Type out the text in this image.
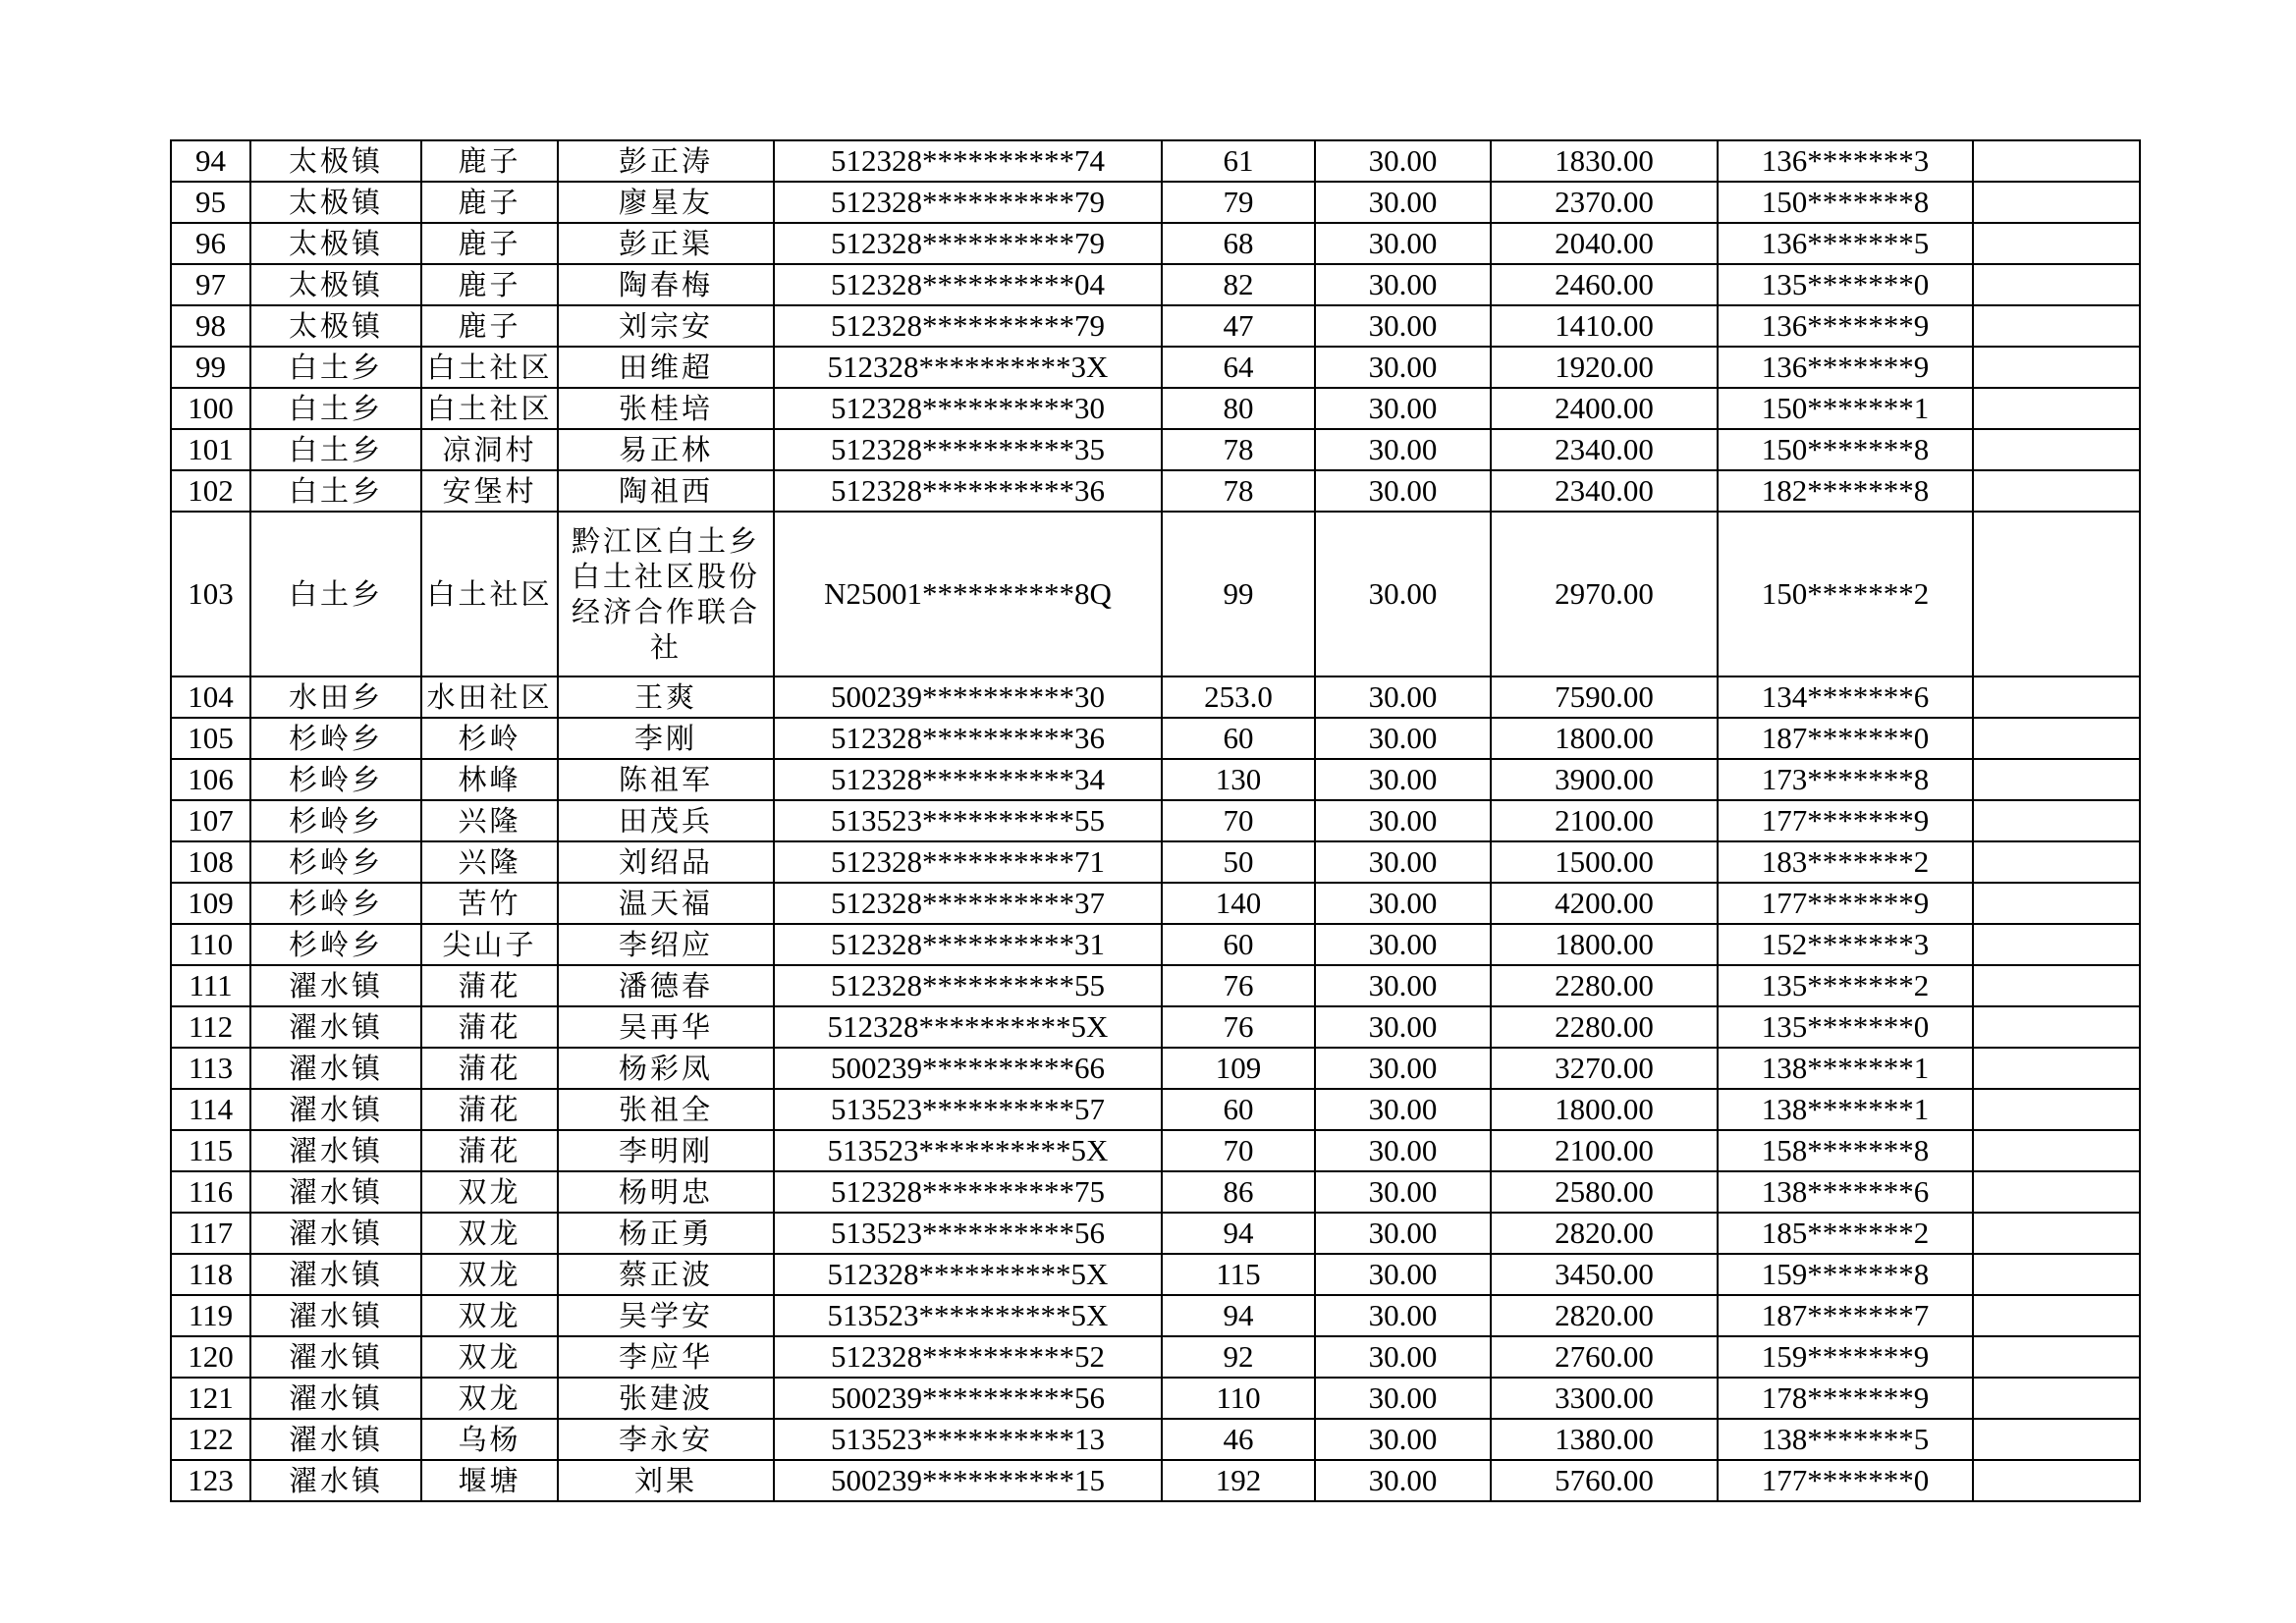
94	太极镇	鹿子	彭正涛	512328**********74	61	30.00	1830.00	136*******3	
95	太极镇	鹿子	廖星友	512328**********79	79	30.00	2370.00	150*******8	
96	太极镇	鹿子	彭正渠	512328**********79	68	30.00	2040.00	136*******5	
97	太极镇	鹿子	陶春梅	512328**********04	82	30.00	2460.00	135*******0	
98	太极镇	鹿子	刘宗安	512328**********79	47	30.00	1410.00	136*******9	
99	白土乡	白土社区	田维超	512328**********3X	64	30.00	1920.00	136*******9	
100	白土乡	白土社区	张桂培	512328**********30	80	30.00	2400.00	150*******1	
101	白土乡	凉洞村	易正林	512328**********35	78	30.00	2340.00	150*******8	
102	白土乡	安堡村	陶祖西	512328**********36	78	30.00	2340.00	182*******8	
103	白土乡	白土社区	黔江区白土乡白土社区股份经济合作联合社	N25001**********8Q	99	30.00	2970.00	150*******2	
104	水田乡	水田社区	王爽	500239**********30	253.0	30.00	7590.00	134*******6	
105	杉岭乡	杉岭	李刚	512328**********36	60	30.00	1800.00	187*******0	
106	杉岭乡	林峰	陈祖军	512328**********34	130	30.00	3900.00	173*******8	
107	杉岭乡	兴隆	田茂兵	513523**********55	70	30.00	2100.00	177*******9	
108	杉岭乡	兴隆	刘绍品	512328**********71	50	30.00	1500.00	183*******2	
109	杉岭乡	苦竹	温天福	512328**********37	140	30.00	4200.00	177*******9	
110	杉岭乡	尖山子	李绍应	512328**********31	60	30.00	1800.00	152*******3	
111	濯水镇	蒲花	潘德春	512328**********55	76	30.00	2280.00	135*******2	
112	濯水镇	蒲花	吴再华	512328**********5X	76	30.00	2280.00	135*******0	
113	濯水镇	蒲花	杨彩凤	500239**********66	109	30.00	3270.00	138*******1	
114	濯水镇	蒲花	张祖全	513523**********57	60	30.00	1800.00	138*******1	
115	濯水镇	蒲花	李明刚	513523**********5X	70	30.00	2100.00	158*******8	
116	濯水镇	双龙	杨明忠	512328**********75	86	30.00	2580.00	138*******6	
117	濯水镇	双龙	杨正勇	513523**********56	94	30.00	2820.00	185*******2	
118	濯水镇	双龙	蔡正波	512328**********5X	115	30.00	3450.00	159*******8	
119	濯水镇	双龙	吴学安	513523**********5X	94	30.00	2820.00	187*******7	
120	濯水镇	双龙	李应华	512328**********52	92	30.00	2760.00	159*******9	
121	濯水镇	双龙	张建波	500239**********56	110	30.00	3300.00	178*******9	
122	濯水镇	乌杨	李永安	513523**********13	46	30.00	1380.00	138*******5	
123	濯水镇	堰塘	刘果	500239**********15	192	30.00	5760.00	177*******0	
